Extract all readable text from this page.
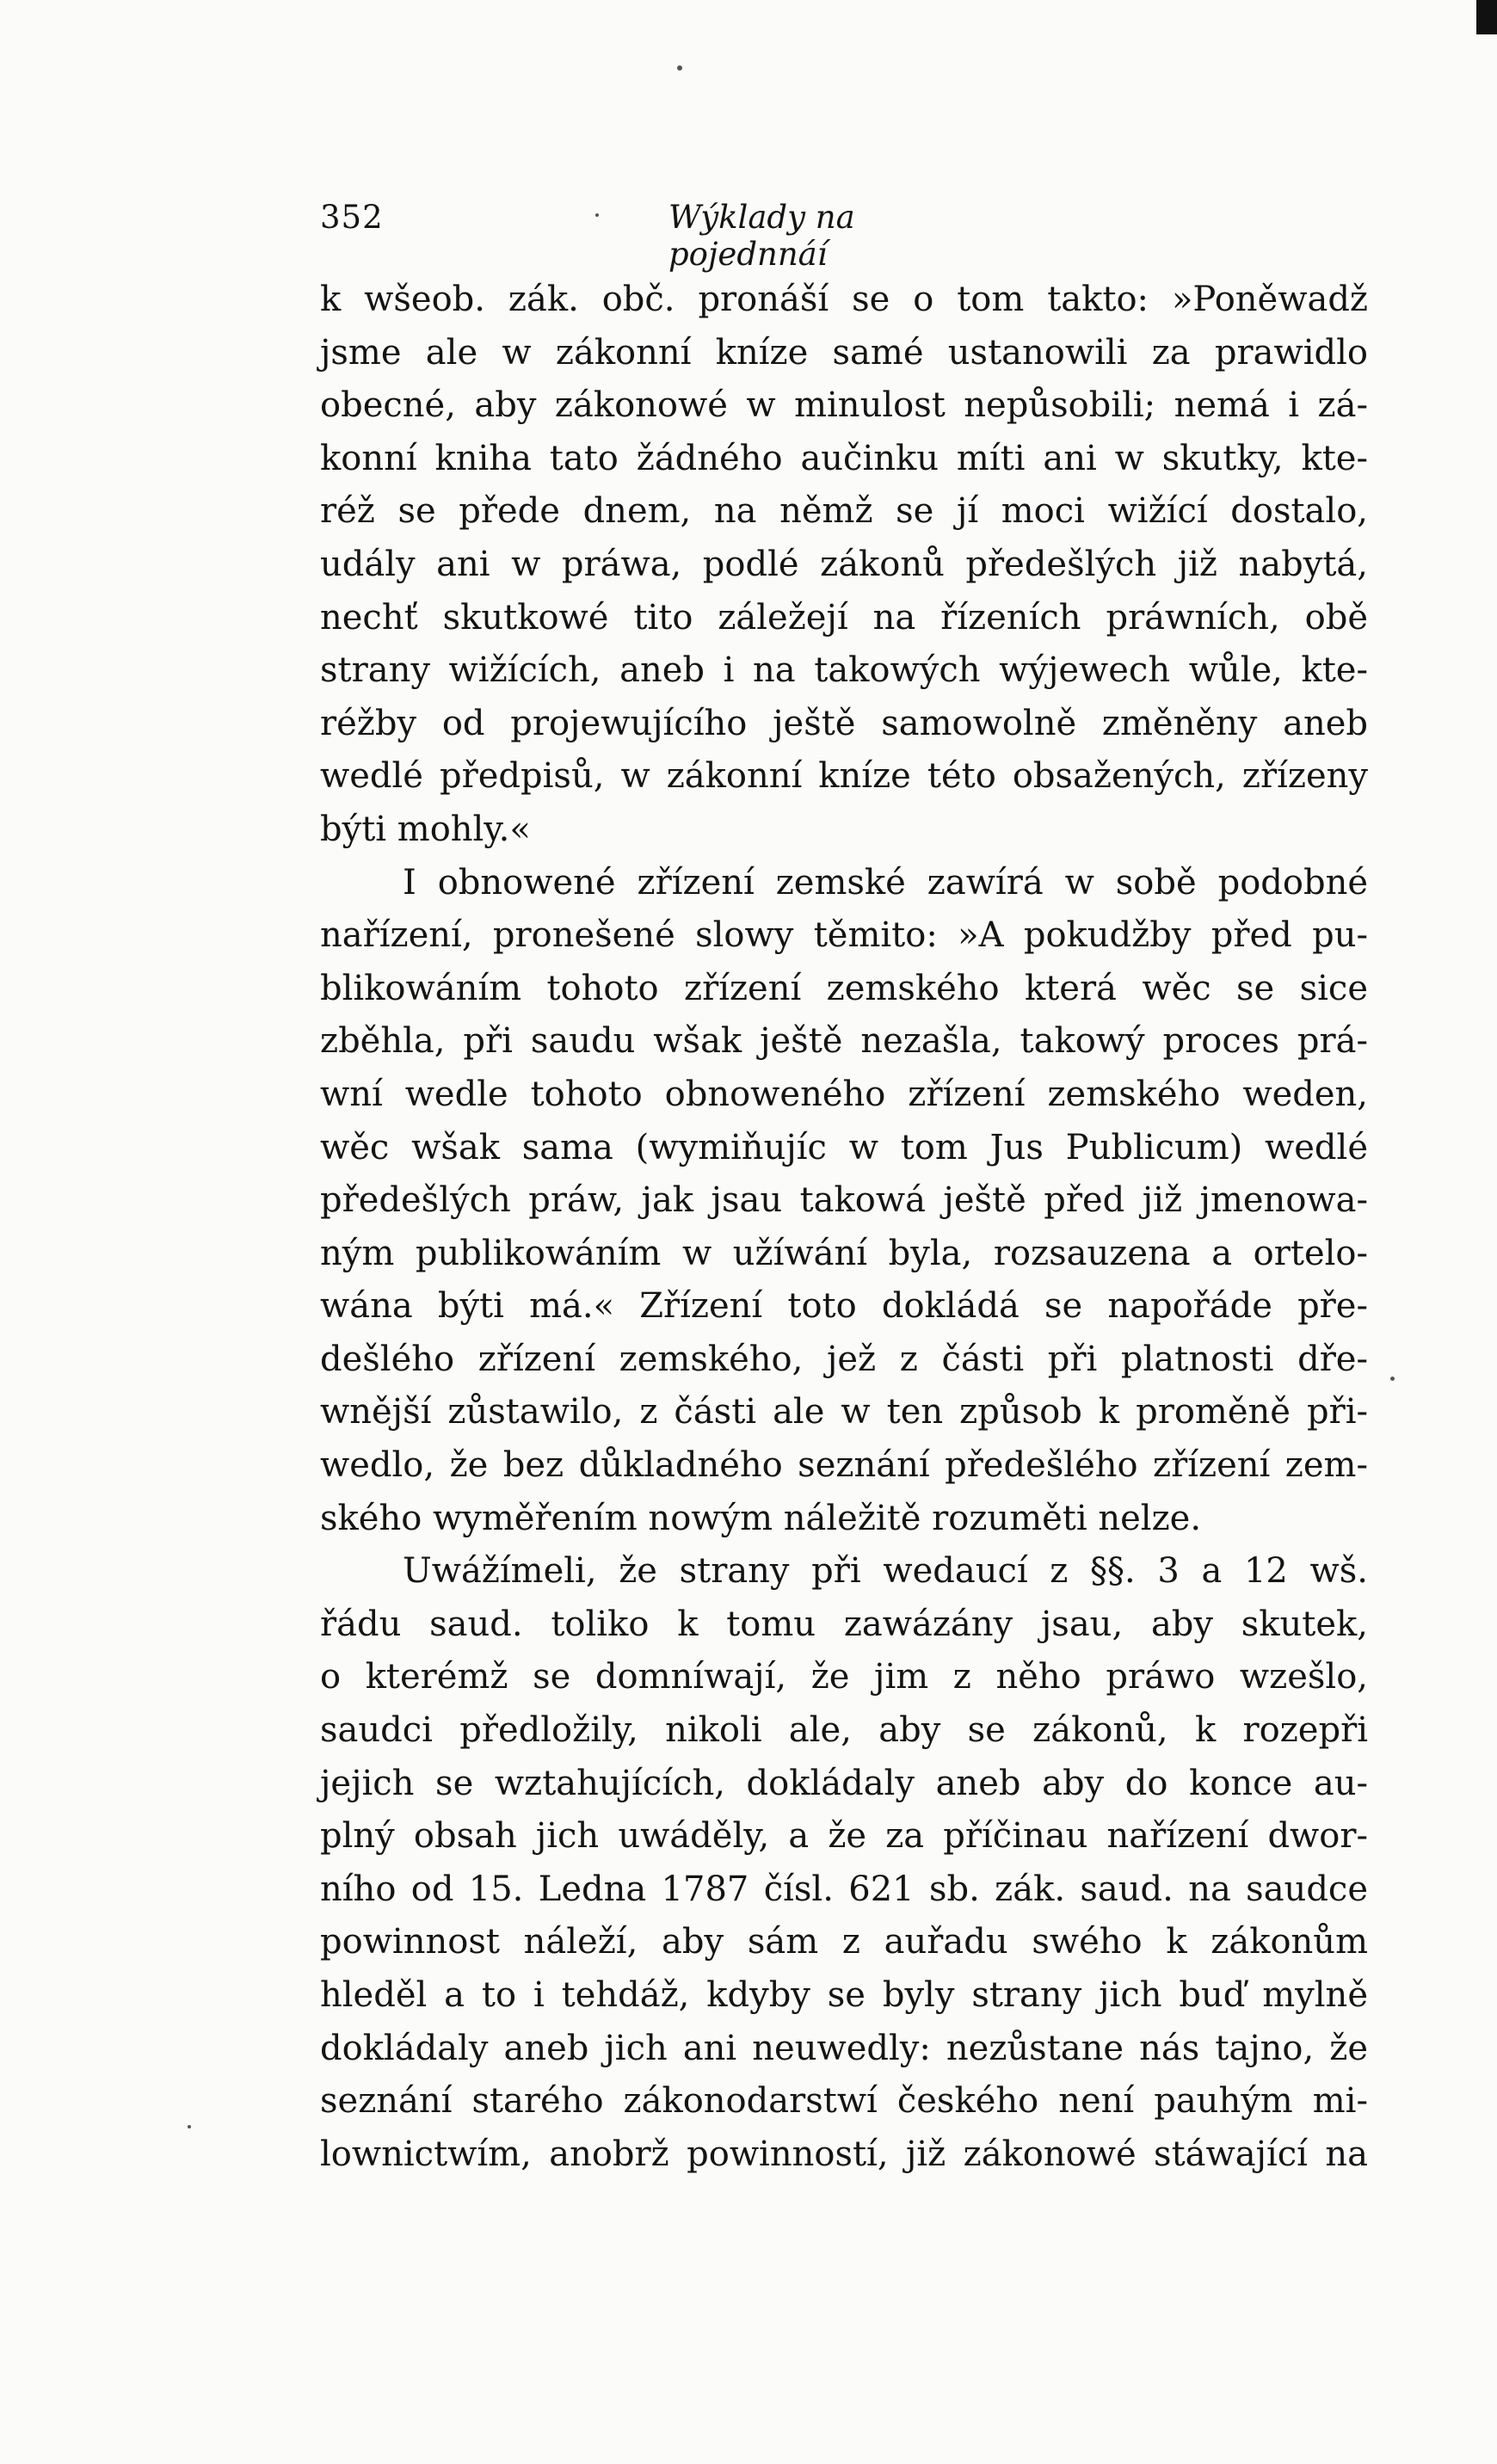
352	Wýklady na pojednnáí
k wšeob. zák. obč. pronáší se o tom takto: »Poněwadž
jsme ale w zákonní kníze samé ustanowili za prawidlo
obecné, aby zákonowé w minulost nepůsobili; nemá i zá-
konní kniha tato žádného aučinku míti ani w skutky, kte-
réž se přede dnem, na němž se jí moci wižící dostalo,
udály ani w práwa, podlé zákonů předešlých již nabytá,
nechť skutkowé tito záležejí na řízeních práwních, obě
strany wižících, aneb i na takowých wýjewech wůle, kte-
réžby od projewujícího ještě samowolně změněny aneb
wedlé předpisů, w zákonní kníze této obsažených, zřízeny
býti mohly.«
I obnowené zřízení zemské zawírá w sobě podobné
nařízení, pronešené slowy těmito: »A pokudžby před pu-
blikowáním tohoto zřízení zemského která wěc se sice
zběhla, při saudu wšak ještě nezašla, takowý proces prá-
wní wedle tohoto obnoweného zřízení zemského weden,
wěc wšak sama (wymiňujíc w tom Jus Publicum) wedlé
předešlých práw, jak jsau takowá ještě před již jmenowa-
ným publikowáním w užíwání byla, rozsauzena a ortelo-
wána býti má.« Zřízení toto dokládá se napořáde pře-
dešlého zřízení zemského, jež z části při platnosti dře-
wnější zůstawilo, z části ale w ten způsob k proměně při-
wedlo, že bez důkladného seznání předešlého zřízení zem-
ského wyměřením nowým náležitě rozuměti nelze.
Uwážímeli, že strany při wedaucí z §§. 3 a 12 wš.
řádu saud. toliko k tomu zawázány jsau, aby skutek,
o kterémž se domníwají, že jim z něho práwo wzešlo,
saudci předložily, nikoli ale, aby se zákonů, k rozepři
jejich se wztahujících, dokládaly aneb aby do konce au-
plný obsah jich uwáděly, a že za příčinau nařízení dwor-
ního od 15. Ledna 1787 čísl. 621 sb. zák. saud. na saudce
powinnost náleží, aby sám z auřadu swého k zákonům
hleděl a to i tehdáž, kdyby se byly strany jich buď mylně
dokládaly aneb jich ani neuwedly: nezůstane nás tajno, že
seznání starého zákonodarstwí českého není pauhým mi-
lownictwím, anobrž powinností, již zákonowé stáwající na
